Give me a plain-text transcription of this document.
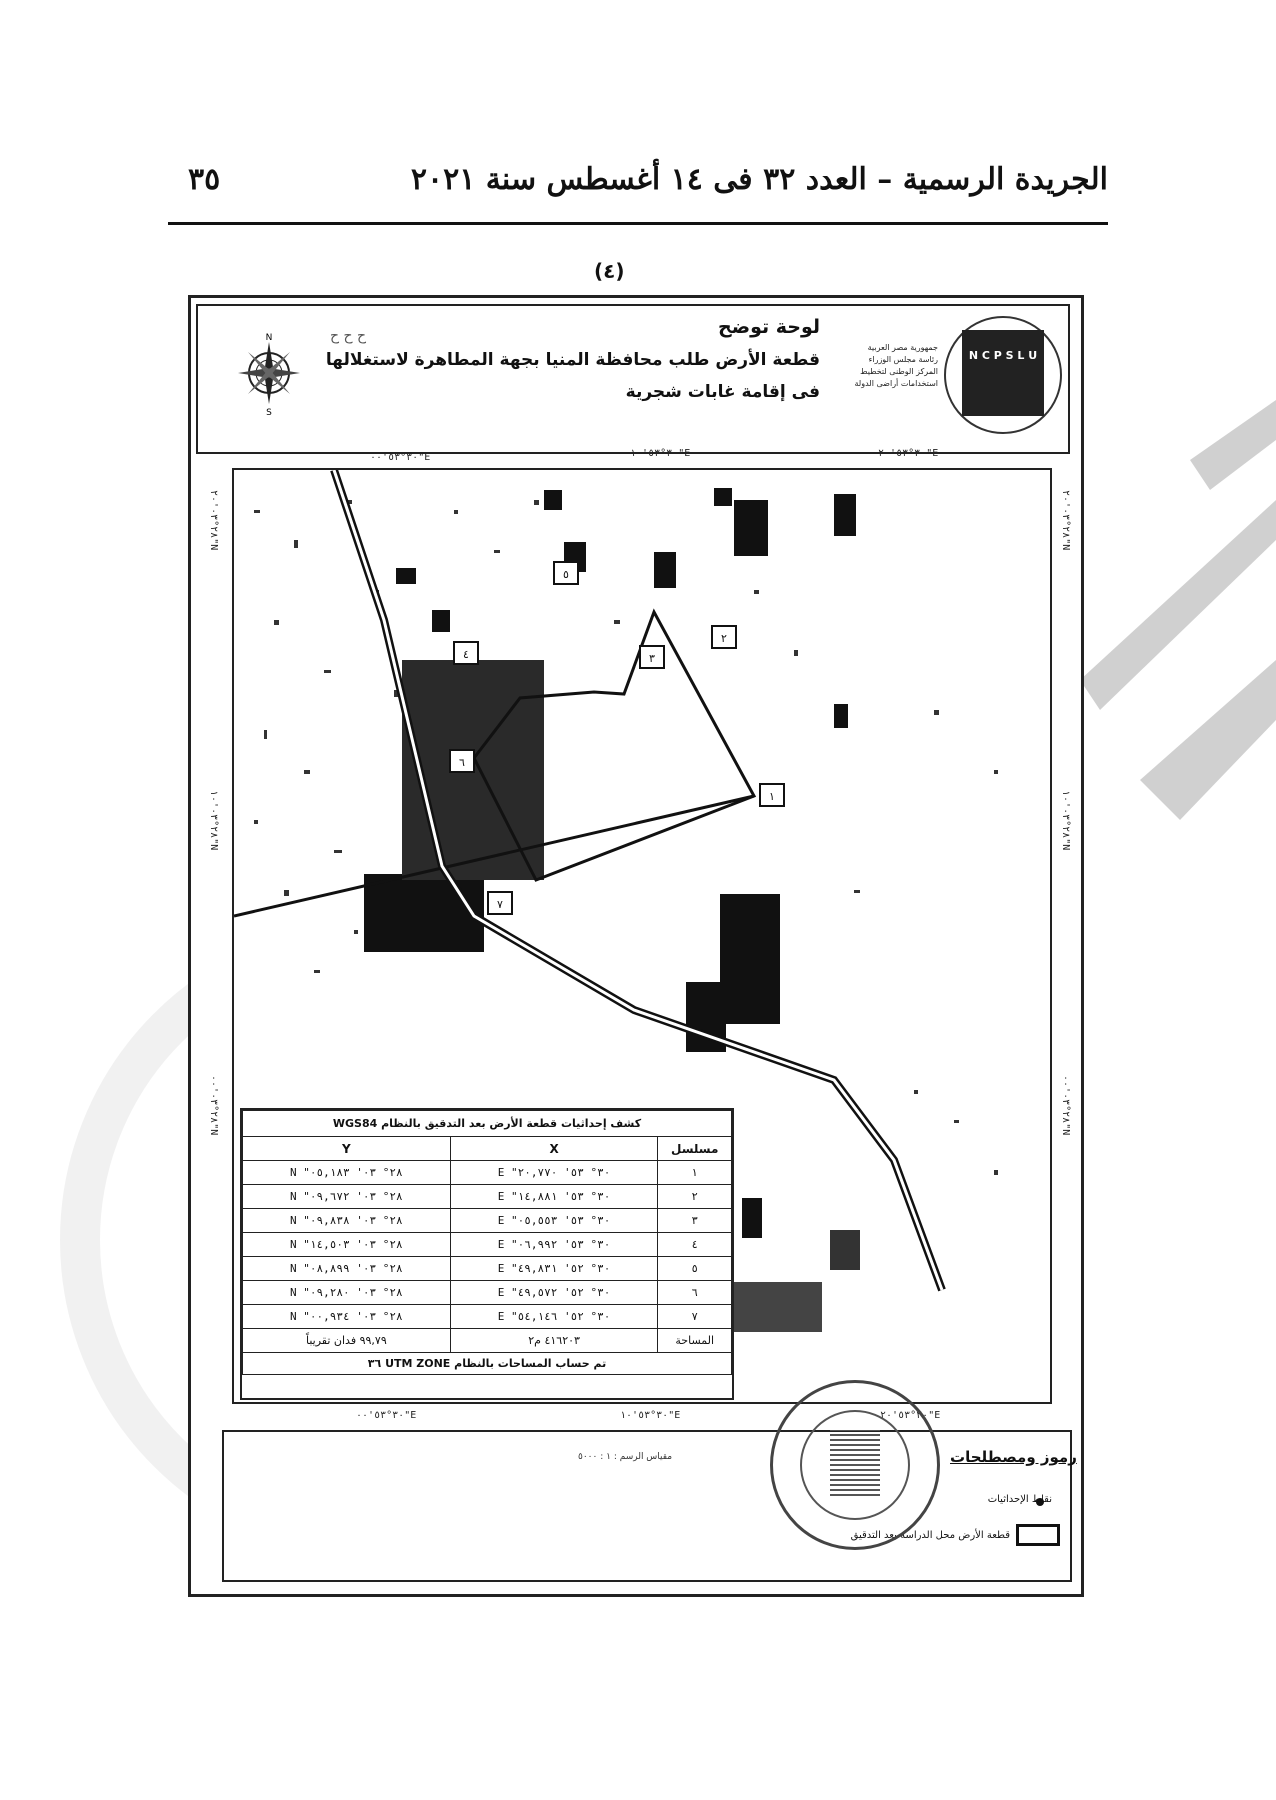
الجريدة الرسمية – العدد ٣٢ فى ١٤ أغسطس سنة ٢٠٢١
٣٥
(٤)
لوحة توضح
قطعة الأرض طلب محافظة المنيا بجهة المطاهرة لاستغلالها
فى إقامة غابات شجرية
ح ح ح
جمهورية مصر العربية
رئاسة مجلس الوزراء
المركز الوطنى لتخطيط
استخدامات أراضى الدولة
N C P S L U
N
S
٣٠°٥٣'٠٠"E	٣٠°٥٣'١٠"E	٣٠°٥٣'٢٠"E
٣٠°٥٣'٠٠"E	٣٠°٥٣'١٠"E	٣٠°٥٣'٢٠"E
٢٨°٠٣'٢٠"N
٢٨°٠٣'١٠"N
٢٨°٠٣'٠٠"N
٢٨°٠٣'٢٠"N
٢٨°٠٣'١٠"N
٢٨°٠٣'٠٠"N
٤	٣
٢
٥
٦
١
٧
كشف إحداثيات قطعة الأرض بعد التدقيق بالنظام WGS84		
مسلسل	X	Y
١	E "٣٠° ٥٣' ٢٠,٧٧٠	N "٢٨° ٠٣' ٠٥,١٨٣
٢	E "٣٠° ٥٣' ١٤,٨٨١	N "٢٨° ٠٣' ٠٩,٦٧٢
٣	E "٣٠° ٥٣' ٠٥,٥٥٣	N "٢٨° ٠٣' ٠٩,٨٣٨
٤	E "٣٠° ٥٣' ٠٦,٩٩٢	N "٢٨° ٠٣' ١٤,٥٠٣
٥	E "٣٠° ٥٢' ٤٩,٨٣١	N "٢٨° ٠٣' ٠٨,٨٩٩
٦	E "٣٠° ٥٢' ٤٩,٥٧٢	N "٢٨° ٠٣' ٠٩,٢٨٠
٧	E "٣٠° ٥٢' ٥٤,١٤٦	N "٢٨° ٠٣' ٠٠,٩٣٤
المساحة	٤١٦٢٠٣ م٢	٩٩,٧٩ فدان تقريباً
تم حساب المساحات بالنظام UTM ZONE ٣٦		
مقياس الرسم : ١ : ٥٠٠٠	رموز ومصطلحات
نقاط الإحداثيات
قطعة الأرض محل الدراسة بعد التدقيق
